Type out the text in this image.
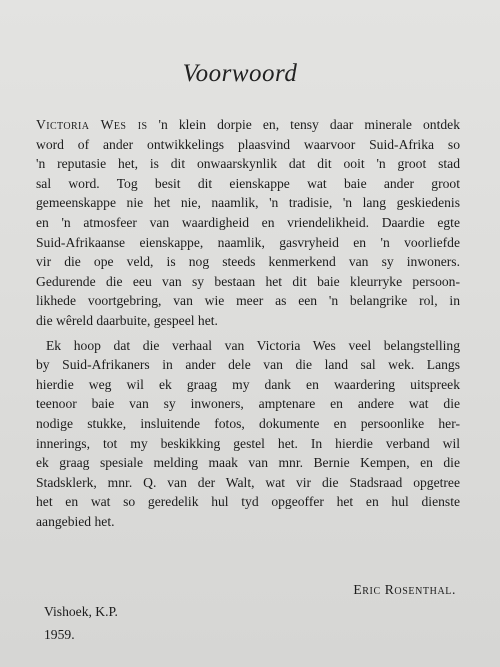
Voorwoord
Victoria Wes is 'n klein dorpie en, tensy daar minerale ontdek
word of ander ontwikkelings plaasvind waarvoor Suid-Afrika so
'n reputasie het, is dit onwaarskynlik dat dit ooit 'n groot stad
sal word. Tog besit dit eienskappe wat baie ander groot
gemeenskappe nie het nie, naamlik, 'n tradisie, 'n lang geskiedenis
en 'n atmosfeer van waardigheid en vriendelikheid. Daardie egte
Suid-Afrikaanse eienskappe, naamlik, gasvryheid en 'n voorliefde
vir die ope veld, is nog steeds kenmerkend van sy inwoners.
Gedurende die eeu van sy bestaan het dit baie kleurryke persoon-
likhede voortgebring, van wie meer as een 'n belangrike rol, in
die wêreld daarbuite, gespeel het.
Ek hoop dat die verhaal van Victoria Wes veel belangstelling
by Suid-Afrikaners in ander dele van die land sal wek. Langs
hierdie weg wil ek graag my dank en waardering uitspreek
teenoor baie van sy inwoners, amptenare en andere wat die
nodige stukke, insluitende fotos, dokumente en persoonlike her-
innerings, tot my beskikking gestel het. In hierdie verband wil
ek graag spesiale melding maak van mnr. Bernie Kempen, en die
Stadsklerk, mnr. Q. van der Walt, wat vir die Stadsraad opgetree
het en wat so geredelik hul tyd opgeoffer het en hul dienste
aangebied het.
Eric Rosenthal.
Vishoek, K.P.
1959.
